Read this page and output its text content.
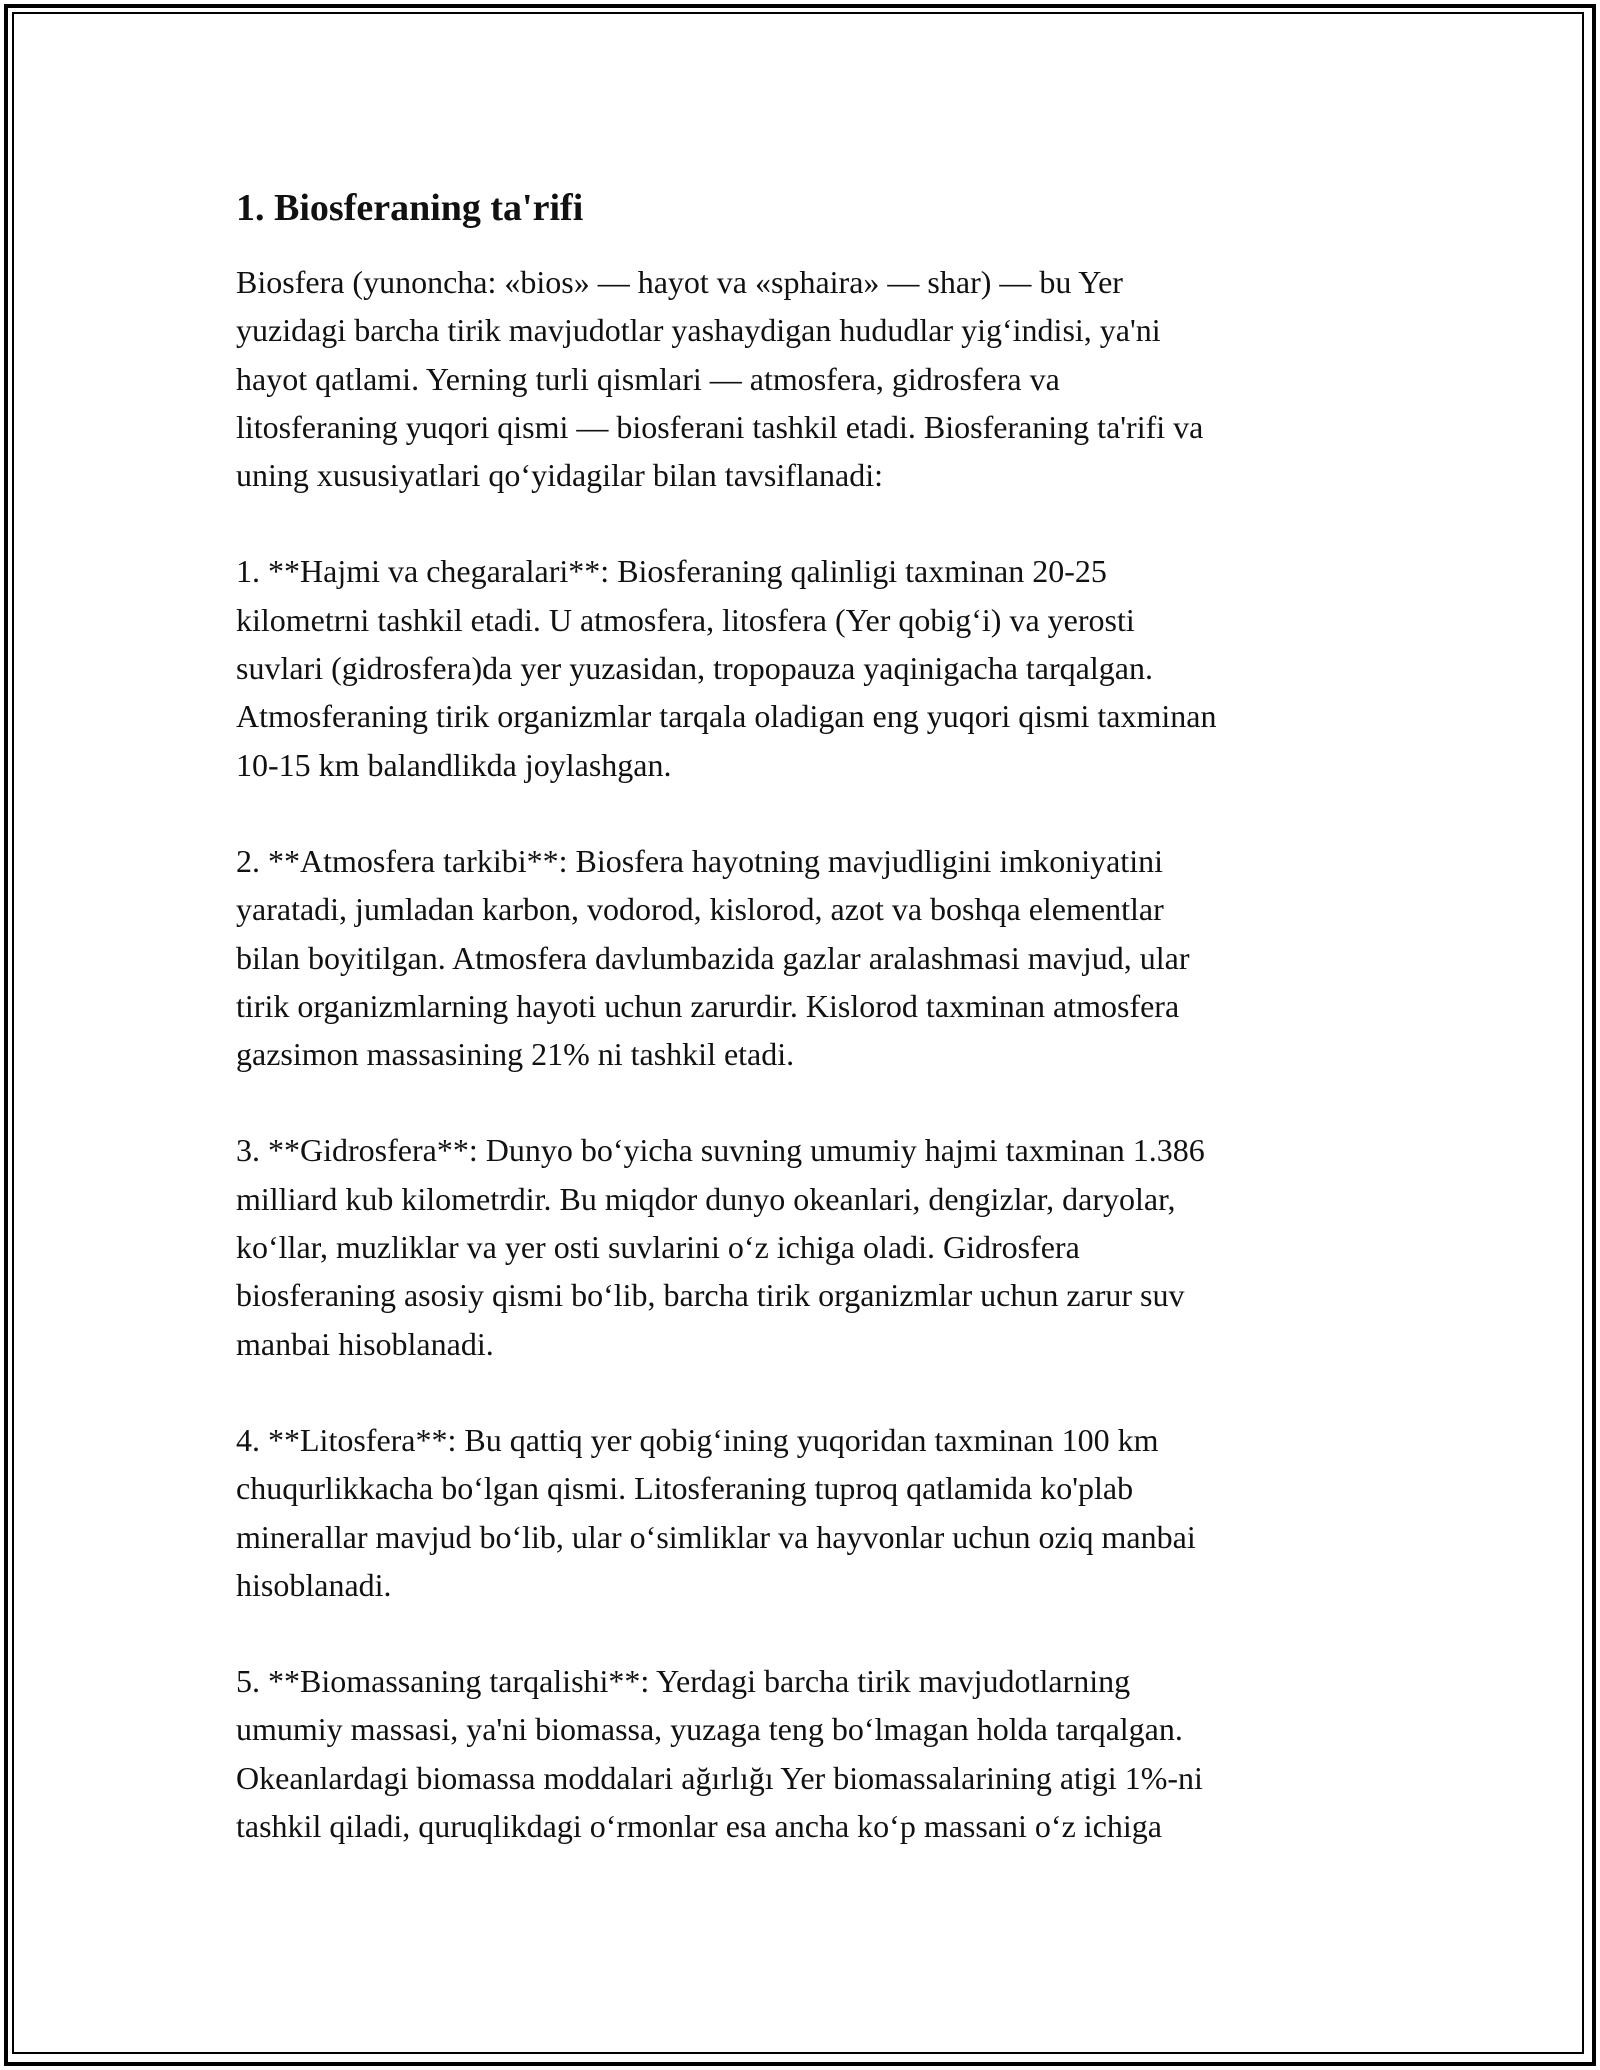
1. Biosferaning ta'rifi

Biosfera (yunoncha: «bios» — hayot va «sphaira» — shar) — bu Yer
yuzidagi barcha tirik mavjudotlar yashaydigan hududlar yig‘indisi, ya'ni
hayot qatlami. Yerning turli qismlari — atmosfera, gidrosfera va
litosferaning yuqori qismi — biosferani tashkil etadi. Biosferaning ta'rifi va
uning xususiyatlari qo‘yidagilar bilan tavsiflanadi:

1. **Hajmi va chegaralari**: Biosferaning qalinligi taxminan 20-25
kilometrni tashkil etadi. U atmosfera, litosfera (Yer qobig‘i) va yerosti
suvlari (gidrosfera)da yer yuzasidan, tropopauza yaqinigacha tarqalgan.
Atmosferaning tirik organizmlar tarqala oladigan eng yuqori qismi taxminan
10-15 km balandlikda joylashgan.

2. **Atmosfera tarkibi**: Biosfera hayotning mavjudligini imkoniyatini
yaratadi, jumladan karbon, vodorod, kislorod, azot va boshqa elementlar
bilan boyitilgan. Atmosfera davlumbazida gazlar aralashmasi mavjud, ular
tirik organizmlarning hayoti uchun zarurdir. Kislorod taxminan atmosfera
gazsimon massasining 21% ni tashkil etadi.

3. **Gidrosfera**: Dunyo bo‘yicha suvning umumiy hajmi taxminan 1.386
milliard kub kilometrdir. Bu miqdor dunyo okeanlari, dengizlar, daryolar,
ko‘llar, muzliklar va yer osti suvlarini o‘z ichiga oladi. Gidrosfera
biosferaning asosiy qismi bo‘lib, barcha tirik organizmlar uchun zarur suv
manbai hisoblanadi.

4. **Litosfera**: Bu qattiq yer qobig‘ining yuqoridan taxminan 100 km
chuqurlikkacha bo‘lgan qismi. Litosferaning tuproq qatlamida ko'plab
minerallar mavjud bo‘lib, ular o‘simliklar va hayvonlar uchun oziq manbai
hisoblanadi.

5. **Biomassaning tarqalishi**: Yerdagi barcha tirik mavjudotlarning
umumiy massasi, ya'ni biomassa, yuzaga teng bo‘lmagan holda tarqalgan.
Okeanlardagi biomassa moddalari ağırlığı Yer biomassalarining atigi 1%-ni
tashkil qiladi, quruqlikdagi o‘rmonlar esa ancha ko‘p massani o‘z ichiga
